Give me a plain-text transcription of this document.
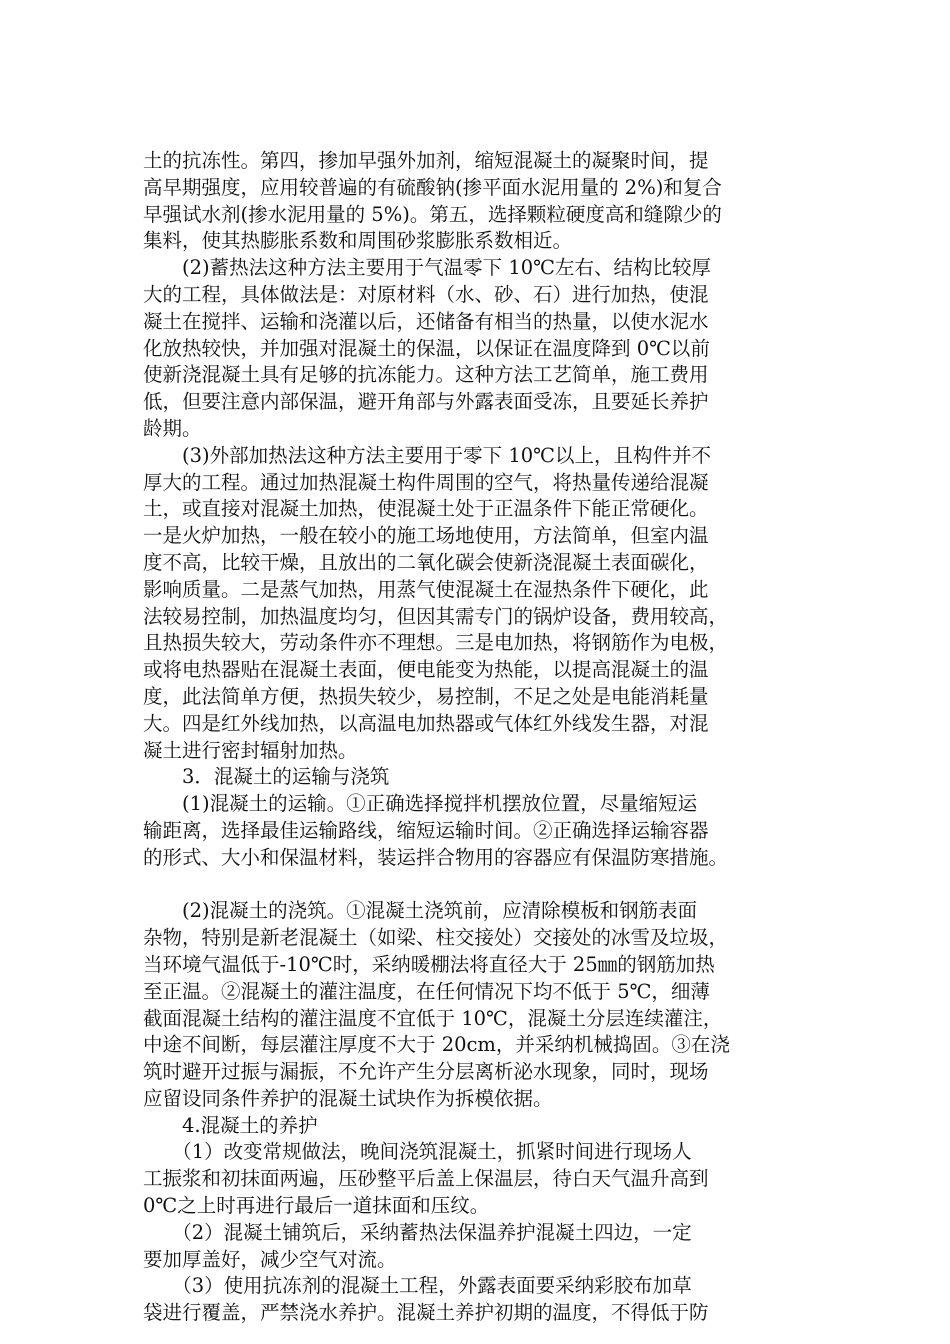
土的抗冻性。第四，掺加早强外加剂，缩短混凝土的凝聚时间，提
高早期强度，应用较普遍的有硫酸钠(掺平面水泥用量的 2%)和复合
早强试水剂(掺水泥用量的 5%)。第五，选择颗粒硬度高和缝隙少的
集料，使其热膨胀系数和周围砂浆膨胀系数相近。
　　(2)蓄热法这种方法主要用于气温零下 10℃左右、结构比较厚
大的工程，具体做法是：对原材料（水、砂、石）进行加热，使混
凝土在搅拌、运输和浇灌以后，还储备有相当的热量，以使水泥水
化放热较快，并加强对混凝土的保温，以保证在温度降到 0℃以前
使新浇混凝土具有足够的抗冻能力。这种方法工艺简单，施工费用
低，但要注意内部保温，避开角部与外露表面受冻，且要延长养护
龄期。
　　(3)外部加热法这种方法主要用于零下 10℃以上，且构件并不
厚大的工程。通过加热混凝土构件周围的空气，将热量传递给混凝
土，或直接对混凝土加热，使混凝土处于正温条件下能正常硬化。
一是火炉加热，一般在较小的施工场地使用，方法简单，但室内温
度不高，比较干燥，且放出的二氧化碳会使新浇混凝土表面碳化，
影响质量。二是蒸气加热，用蒸气使混凝土在湿热条件下硬化，此
法较易控制，加热温度均匀，但因其需专门的锅炉设备，费用较高，
且热损失较大，劳动条件亦不理想。三是电加热，将钢筋作为电极，
或将电热器贴在混凝土表面，便电能变为热能，以提高混凝土的温
度，此法简单方便，热损失较少，易控制，不足之处是电能消耗量
大。四是红外线加热，以高温电加热器或气体红外线发生器，对混
凝土进行密封辐射加热。
　　3．混凝土的运输与浇筑
　　(1)混凝土的运输。①正确选择搅拌机摆放位置，尽量缩短运
输距离，选择最佳运输路线，缩短运输时间。②正确选择运输容器
的形式、大小和保温材料，装运拌合物用的容器应有保温防寒措施。
　　(2)混凝土的浇筑。①混凝土浇筑前，应清除模板和钢筋表面
杂物，特别是新老混凝土（如梁、柱交接处）交接处的冰雪及垃圾，
当环境气温低于-10℃时，采纳暖棚法将直径大于 25㎜的钢筋加热
至正温。②混凝土的灌注温度，在任何情况下均不低于 5℃，细薄
截面混凝土结构的灌注温度不宜低于 10℃，混凝土分层连续灌注，
中途不间断，每层灌注厚度不大于 20cm，并采纳机械捣固。③在浇
筑时避开过振与漏振，不允许产生分层离析泌水现象，同时，现场
应留设同条件养护的混凝土试块作为拆模依据。
　　4.混凝土的养护
　　（1）改变常规做法，晚间浇筑混凝土，抓紧时间进行现场人
工振浆和初抹面两遍，压砂整平后盖上保温层，待白天气温升高到
0℃之上时再进行最后一道抹面和压纹。
　　（2）混凝土铺筑后，采纳蓄热法保温养护混凝土四边，一定
要加厚盖好，减少空气对流。
　　（3）使用抗冻剂的混凝土工程，外露表面要采纳彩胶布加草
袋进行覆盖，严禁浇水养护。混凝土养护初期的温度，不得低于防
